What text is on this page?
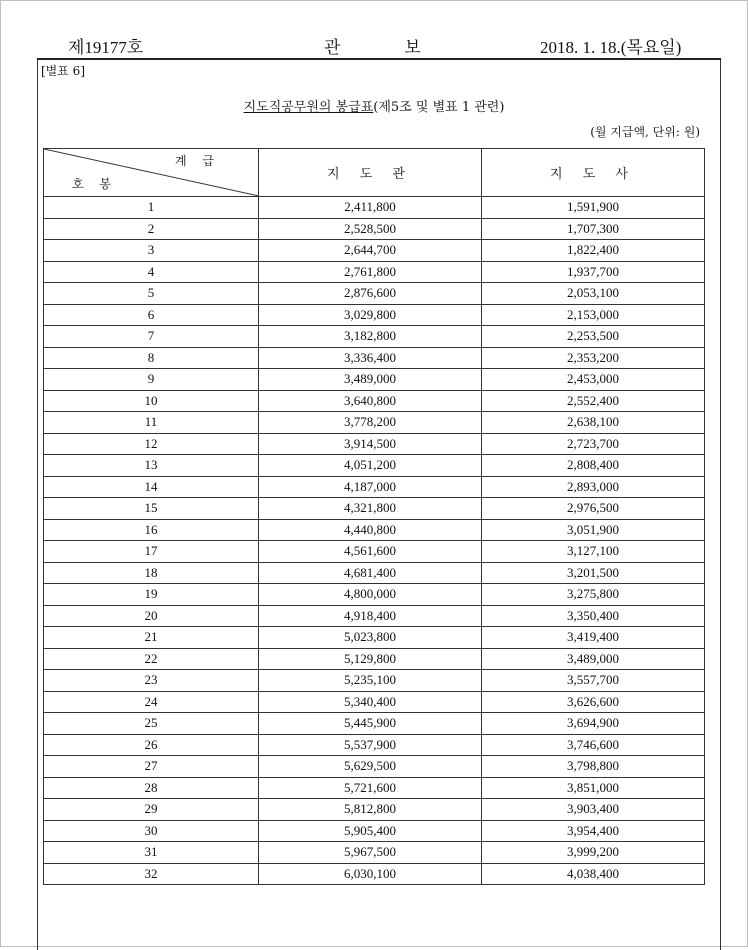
제19177호	관보	2018. 1. 18.(목요일)
[별표 6]
지도직공무원의 봉급표(제5조 및 별표 1 관련)
(월 지급액, 단위: 원)
계 급
호 봉	지 도 관	지 도 사
1	2,411,800	1,591,900
2	2,528,500	1,707,300
3	2,644,700	1,822,400
4	2,761,800	1,937,700
5	2,876,600	2,053,100
6	3,029,800	2,153,000
7	3,182,800	2,253,500
8	3,336,400	2,353,200
9	3,489,000	2,453,000
10	3,640,800	2,552,400
11	3,778,200	2,638,100
12	3,914,500	2,723,700
13	4,051,200	2,808,400
14	4,187,000	2,893,000
15	4,321,800	2,976,500
16	4,440,800	3,051,900
17	4,561,600	3,127,100
18	4,681,400	3,201,500
19	4,800,000	3,275,800
20	4,918,400	3,350,400
21	5,023,800	3,419,400
22	5,129,800	3,489,000
23	5,235,100	3,557,700
24	5,340,400	3,626,600
25	5,445,900	3,694,900
26	5,537,900	3,746,600
27	5,629,500	3,798,800
28	5,721,600	3,851,000
29	5,812,800	3,903,400
30	5,905,400	3,954,400
31	5,967,500	3,999,200
32	6,030,100	4,038,400
